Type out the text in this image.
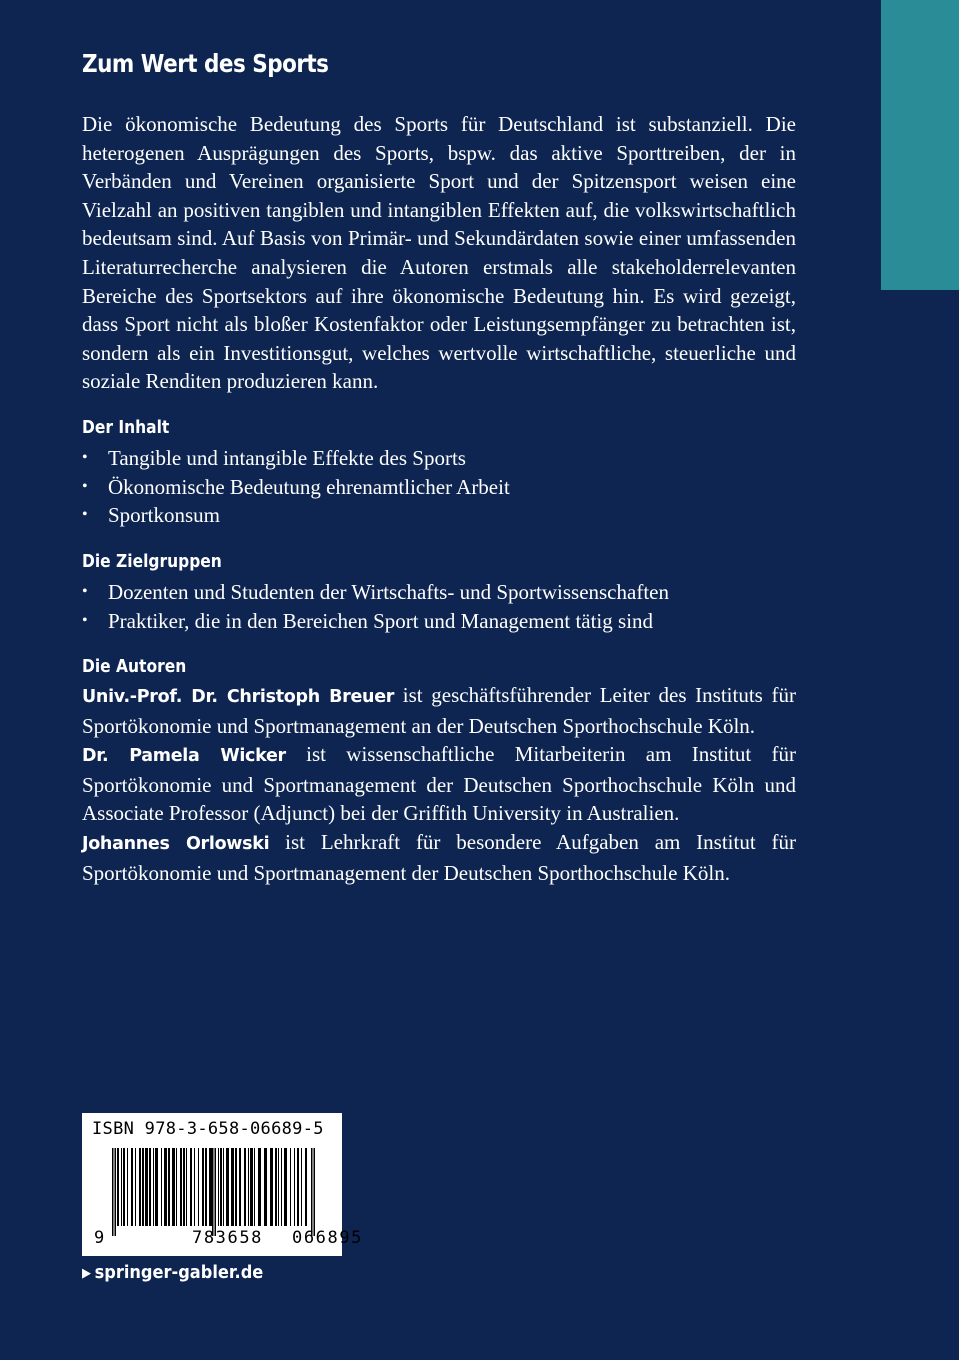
Zum Wert des Sports

Die ökonomische Bedeutung des Sports für Deutschland ist substanziell. Die heterogenen Ausprägungen des Sports, bspw. das aktive Sporttreiben, der in Verbänden und Vereinen organisierte Sport und der Spitzensport weisen eine Vielzahl an positiven tangiblen und intangiblen Effekten auf, die volkswirtschaftlich bedeutsam sind. Auf Basis von Primär- und Sekundärdaten sowie einer umfassenden Literaturrecherche analysieren die Autoren erstmals alle stakeholderrelevanten Bereiche des Sportsektors auf ihre ökonomische Bedeutung hin. Es wird gezeigt, dass Sport nicht als bloßer Kostenfaktor oder Leistungsempfänger zu betrachten ist, sondern als ein Investitionsgut, welches wertvolle wirtschaftliche, steuerliche und soziale Renditen produzieren kann.

Der Inhalt
• Tangible und intangible Effekte des Sports
• Ökonomische Bedeutung ehrenamtlicher Arbeit
• Sportkonsum
Die Zielgruppen
• Dozenten und Studenten der Wirtschafts- und Sportwissenschaften
• Praktiker, die in den Bereichen Sport und Management tätig sind
Die Autoren

Univ.-Prof. Dr. Christoph Breuer ist geschäftsführender Leiter des Instituts für Sportökonomie und Sportmanagement an der Deutschen Sporthochschule Köln.

Dr. Pamela Wicker ist wissenschaftliche Mitarbeiterin am Institut für Sportökonomie und Sportmanagement der Deutschen Sporthochschule Köln und Associate Professor (Adjunct) bei der Griffith University in Australien.

Johannes Orlowski ist Lehrkraft für besondere Aufgaben am Institut für Sportökonomie und Sportmanagement der Deutschen Sporthochschule Köln.

ISBN 978-3-658-06689-5
9	783658 066895
▶ springer-gabler.de
